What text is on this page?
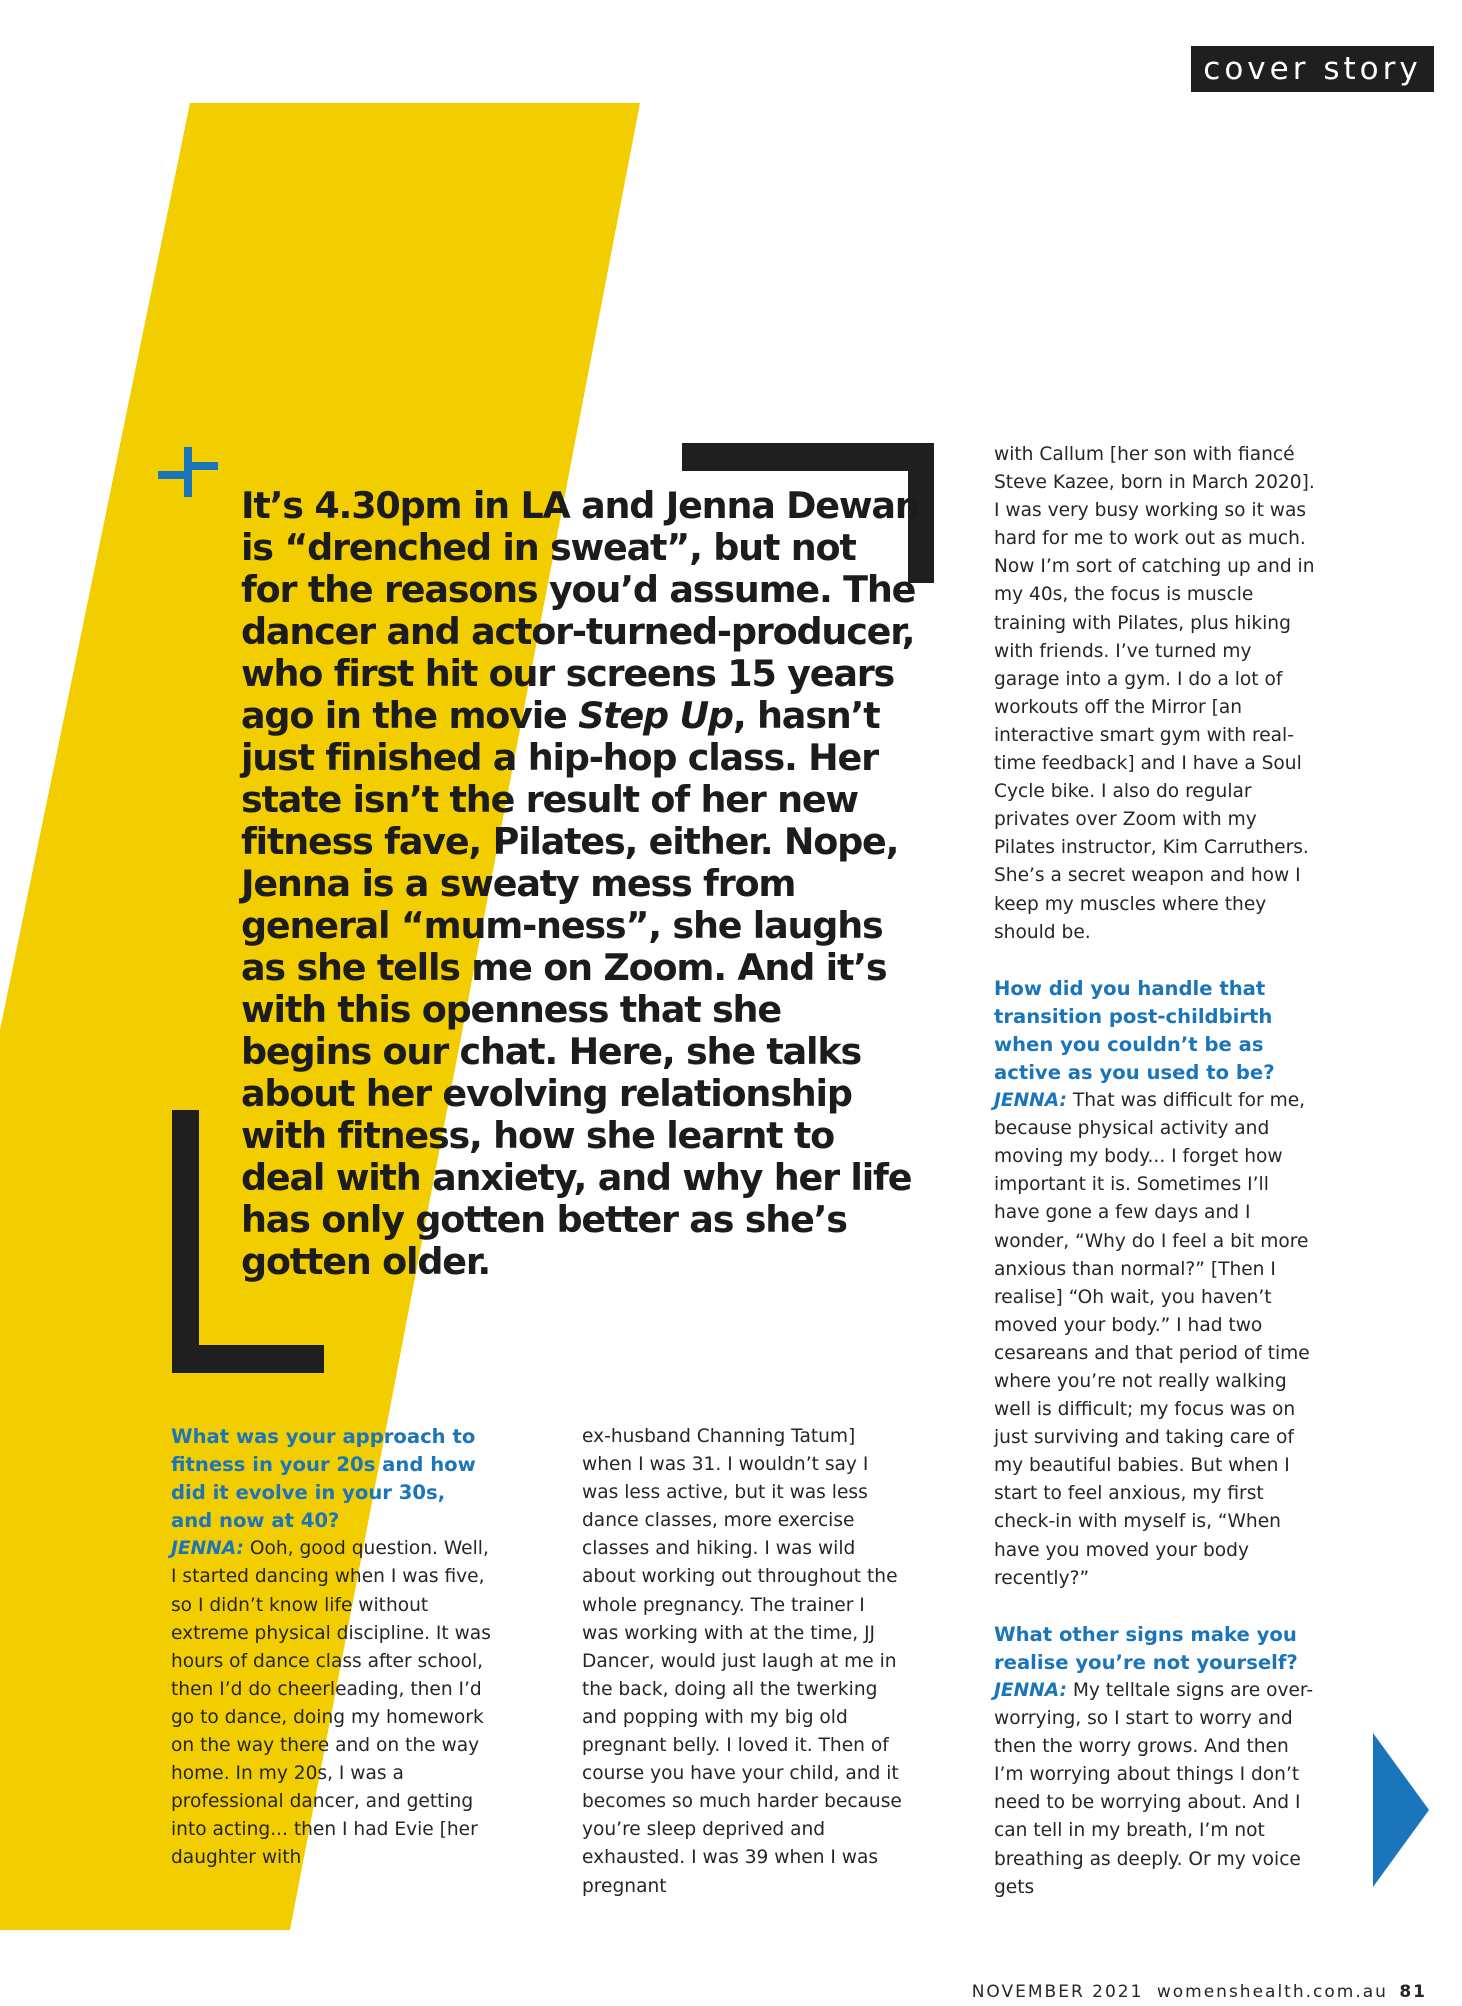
cover story

It’s 4.30pm in LA and Jenna Dewan is “drenched in sweat”, but not for the reasons you’d assume. The dancer and actor-turned-producer, who first hit our screens 15 years ago in the movie Step Up, hasn’t just finished a hip-hop class. Her state isn’t the result of her new fitness fave, Pilates, either. Nope, Jenna is a sweaty mess from general “mum-ness”, she laughs as she tells me on Zoom. And it’s with this openness that she begins our chat. Here, she talks about her evolving relationship with fitness, how she learnt to deal with anxiety, and why her life has only gotten better as she’s gotten older.

What was your approach to fitness in your 20s and how did it evolve in your 30s, and now at 40?

JENNA: Ooh, good question. Well, I started dancing when I was five, so I didn’t know life without extreme physical discipline. It was hours of dance class after school, then I’d do cheerleading, then I’d go to dance, doing my homework on the way there and on the way home. In my 20s, I was a professional dancer, and getting into acting... then I had Evie [her daughter with

ex-husband Channing Tatum] when I was 31. I wouldn’t say I was less active, but it was less dance classes, more exercise classes and hiking. I was wild about working out throughout the whole pregnancy. The trainer I was working with at the time, JJ Dancer, would just laugh at me in the back, doing all the twerking and popping with my big old pregnant belly. I loved it. Then of course you have your child, and it becomes so much harder because you’re sleep deprived and exhausted. I was 39 when I was pregnant

with Callum [her son with fiancé Steve Kazee, born in March 2020]. I was very busy working so it was hard for me to work out as much. Now I’m sort of catching up and in my 40s, the focus is muscle training with Pilates, plus hiking with friends. I’ve turned my garage into a gym. I do a lot of workouts off the Mirror [an interactive smart gym with real-time feedback] and I have a Soul Cycle bike. I also do regular privates over Zoom with my Pilates instructor, Kim Carruthers. She’s a secret weapon and how I keep my muscles where they should be.

How did you handle that transition post-childbirth when you couldn’t be as active as you used to be?

JENNA: That was difficult for me, because physical activity and moving my body... I forget how important it is. Sometimes I’ll have gone a few days and I wonder, “Why do I feel a bit more anxious than normal?” [Then I realise] “Oh wait, you haven’t moved your body.” I had two cesareans and that period of time where you’re not really walking well is difficult; my focus was on just surviving and taking care of my beautiful babies. But when I start to feel anxious, my first check-in with myself is, “When have you moved your body recently?”

What other signs make you realise you’re not yourself?

JENNA: My telltale signs are over-worrying, so I start to worry and then the worry grows. And then I’m worrying about things I don’t need to be worrying about. And I can tell in my breath, I’m not breathing as deeply. Or my voice gets

NOVEMBER 2021 womenshealth.com.au 81
